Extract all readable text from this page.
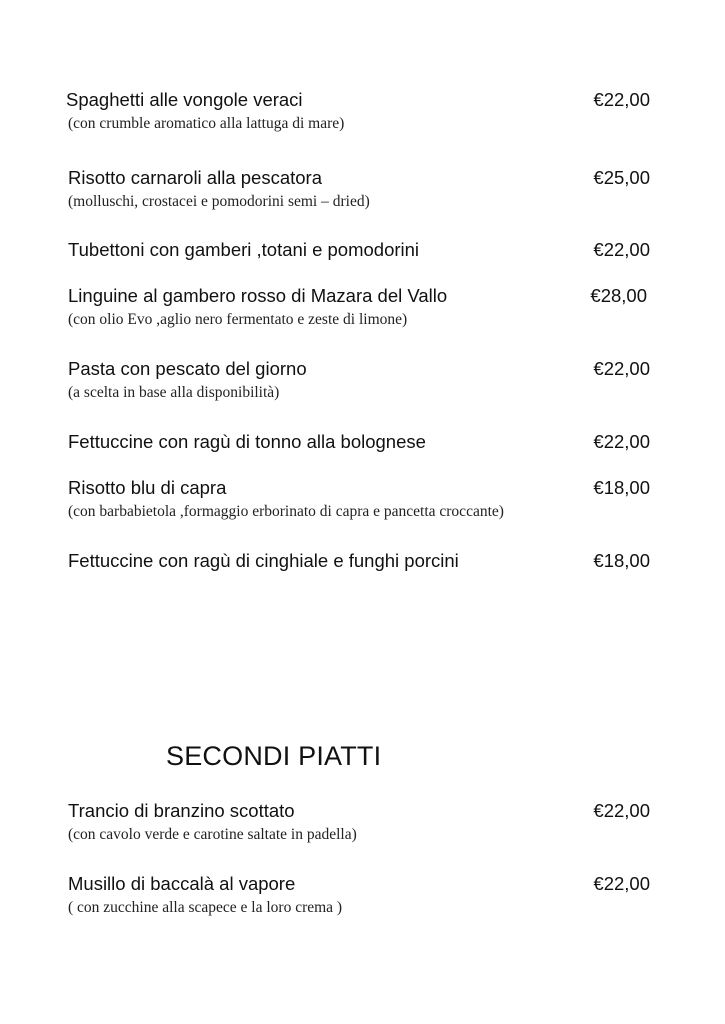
Spaghetti alle vongole veraci	€22,00
(con crumble aromatico alla lattuga di mare)
Risotto carnaroli alla pescatora	€25,00
(molluschi, crostacei e pomodorini semi – dried)
Tubettoni con gamberi ,totani e pomodorini	€22,00
Linguine al gambero rosso di Mazara del Vallo	€28,00
(con olio Evo ,aglio nero fermentato e zeste di limone)
Pasta con pescato del giorno	€22,00
(a scelta in base alla disponibilità)
Fettuccine con ragù di tonno alla bolognese	€22,00
Risotto blu di capra	€18,00
(con barbabietola ,formaggio erborinato di capra e pancetta croccante)
Fettuccine con ragù di cinghiale e funghi porcini	€18,00
SECONDI PIATTI
Trancio di branzino scottato	€22,00
(con cavolo verde e carotine saltate in padella)
Musillo di baccalà al vapore	€22,00
( con zucchine alla scapece e la loro crema )
